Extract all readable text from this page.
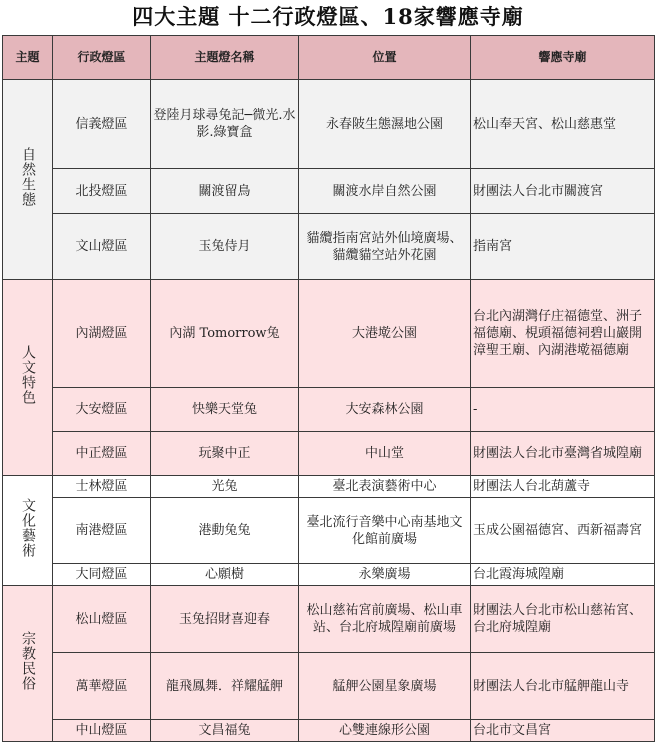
四大主題 十二行政燈區、18家響應寺廟
主題	行政燈區	主題燈名稱	位置	響應寺廟
自然生態	信義燈區	登陸月球尋兔記─微光.水影.綠寶盒	永春陂生態濕地公園	松山奉天宮、松山慈惠堂
	北投燈區	關渡留鳥	關渡水岸自然公園	財團法人台北市關渡宮
	文山燈區	玉兔侍月	貓纜指南宮站外仙境廣場、貓纜貓空站外花園	指南宮
人文特色	內湖燈區	內湖 Tomorrow兔	大港墘公園	台北內湖灣仔庄福德堂、洲子福德廟、梘頭福德祠碧山巖開漳聖王廟、內湖港墘福德廟
	大安燈區	快樂天堂兔	大安森林公園	-
	中正燈區	玩聚中正	中山堂	財團法人台北市臺灣省城隍廟
文化藝術	士林燈區	光兔	臺北表演藝術中心	財團法人台北葫蘆寺
	南港燈區	港動兔兔	臺北流行音樂中心南基地文化館前廣場	玉成公園福德宮、西新福壽宮
	大同燈區	心願樹	永樂廣場	台北霞海城隍廟
宗教民俗	松山燈區	玉兔招財喜迎春	松山慈祐宮前廣場、松山車站、台北府城隍廟前廣場	財團法人台北市松山慈祐宮、台北府城隍廟
	萬華燈區	龍飛鳳舞．祥耀艋舺	艋舺公園星象廣場	財團法人台北市艋舺龍山寺
	中山燈區	文昌福兔	心雙連線形公園	台北市文昌宮
